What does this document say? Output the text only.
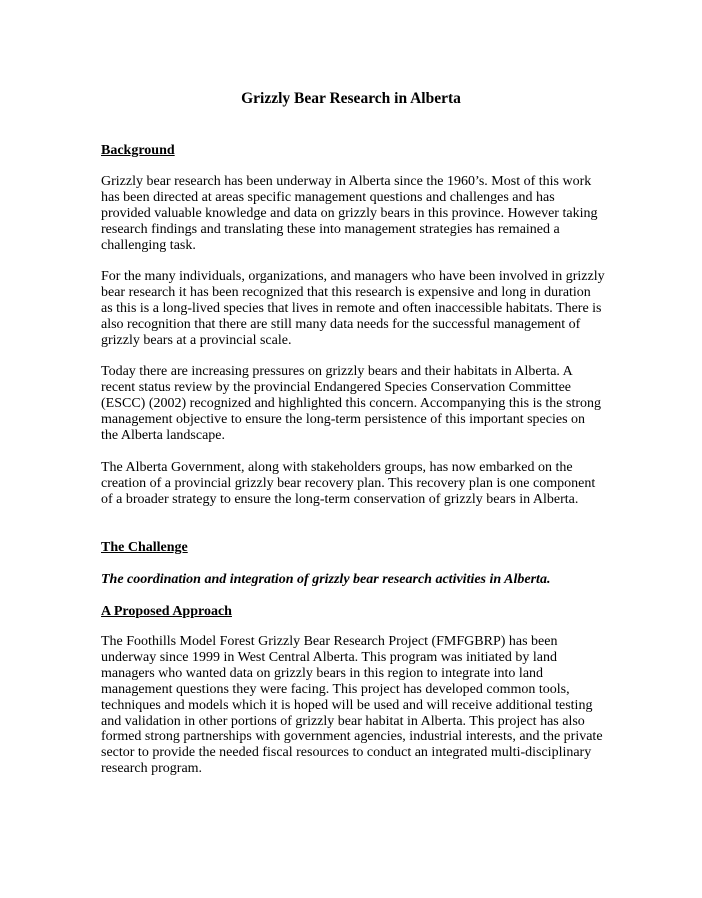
Grizzly Bear Research in Alberta
Background
Grizzly bear research has been underway in Alberta since the 1960’s. Most of this work
has been directed at areas specific management questions and challenges and has
provided valuable knowledge and data on grizzly bears in this province. However taking
research findings and translating these into management strategies has remained a
challenging task.
For the many individuals, organizations, and managers who have been involved in grizzly
bear research it has been recognized that this research is expensive and long in duration
as this is a long-lived species that lives in remote and often inaccessible habitats. There is
also recognition that there are still many data needs for the successful management of
grizzly bears at a provincial scale.
Today there are increasing pressures on grizzly bears and their habitats in Alberta. A
recent status review by the provincial Endangered Species Conservation Committee
(ESCC) (2002) recognized and highlighted this concern. Accompanying this is the strong
management objective to ensure the long-term persistence of this important species on
the Alberta landscape.
The Alberta Government, along with stakeholders groups, has now embarked on the
creation of a provincial grizzly bear recovery plan. This recovery plan is one component
of a broader strategy to ensure the long-term conservation of grizzly bears in Alberta.
The Challenge
The coordination and integration of grizzly bear research activities in Alberta.
A Proposed Approach
The Foothills Model Forest Grizzly Bear Research Project (FMFGBRP) has been
underway since 1999 in West Central Alberta. This program was initiated by land
managers who wanted data on grizzly bears in this region to integrate into land
management questions they were facing. This project has developed common tools,
techniques and models which it is hoped will be used and will receive additional testing
and validation in other portions of grizzly bear habitat in Alberta. This project has also
formed strong partnerships with government agencies, industrial interests, and the private
sector to provide the needed fiscal resources to conduct an integrated multi-disciplinary
research program.
